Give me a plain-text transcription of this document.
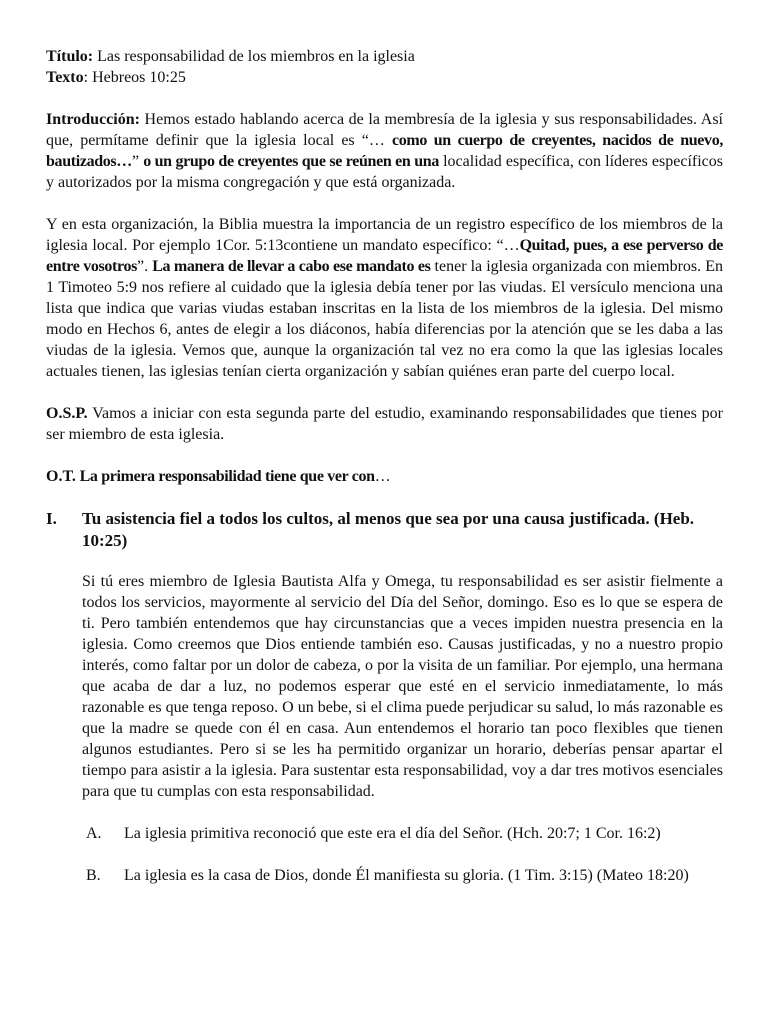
Título: Las responsabilidad de los miembros en la iglesia

Texto: Hebreos 10:25

Introducción: Hemos estado hablando acerca de la membresía de la iglesia y sus responsabilidades. Así que, permítame definir que la iglesia local es “… como un cuerpo de creyentes, nacidos de nuevo, bautizados…” o un grupo de creyentes que se reúnen en una localidad específica, con líderes específicos y autorizados por la misma congregación y que está organizada.

Y en esta organización, la Biblia muestra la importancia de un registro específico de los miembros de la iglesia local. Por ejemplo 1Cor. 5:13contiene un mandato específico: “…Quitad, pues, a ese perverso de entre vosotros”. La manera de llevar a cabo ese mandato es tener la iglesia organizada con miembros. En 1 Timoteo 5:9 nos refiere al cuidado que la iglesia debía tener por las viudas. El versículo menciona una lista que indica que varias viudas estaban inscritas en la lista de los miembros de la iglesia. Del mismo modo en Hechos 6, antes de elegir a los diáconos, había diferencias por la atención que se les daba a las viudas de la iglesia. Vemos que, aunque la organización tal vez no era como la que las iglesias locales actuales tienen, las iglesias tenían cierta organización y sabían quiénes eran parte del cuerpo local.

O.S.P. Vamos a iniciar con esta segunda parte del estudio, examinando responsabilidades que tienes por ser miembro de esta iglesia.

O.T. La primera responsabilidad tiene que ver con…

I.	Tu asistencia fiel a todos los cultos, al menos que sea por una causa justificada. (Heb. 10:25)

Si tú eres miembro de Iglesia Bautista Alfa y Omega, tu responsabilidad es ser asistir fielmente a todos los servicios, mayormente al servicio del Día del Señor, domingo. Eso es lo que se espera de ti. Pero también entendemos que hay circunstancias que a veces impiden nuestra presencia en la iglesia. Como creemos que Dios entiende también eso. Causas justificadas, y no a nuestro propio interés, como faltar por un dolor de cabeza, o por la visita de un familiar. Por ejemplo, una hermana que acaba de dar a luz, no podemos esperar que esté en el servicio inmediatamente, lo más razonable es que tenga reposo. O un bebe, si el clima puede perjudicar su salud, lo más razonable es que la madre se quede con él en casa. Aun entendemos el horario tan poco flexibles que tienen algunos estudiantes. Pero si se les ha permitido organizar un horario, deberías pensar apartar el tiempo para asistir a la iglesia. Para sustentar esta responsabilidad, voy a dar tres motivos esenciales para que tu cumplas con esta responsabilidad.

A.	La iglesia primitiva reconoció que este era el día del Señor. (Hch. 20:7; 1 Cor. 16:2)
B.	La iglesia es la casa de Dios, donde Él manifiesta su gloria. (1 Tim. 3:15) (Mateo 18:20)
